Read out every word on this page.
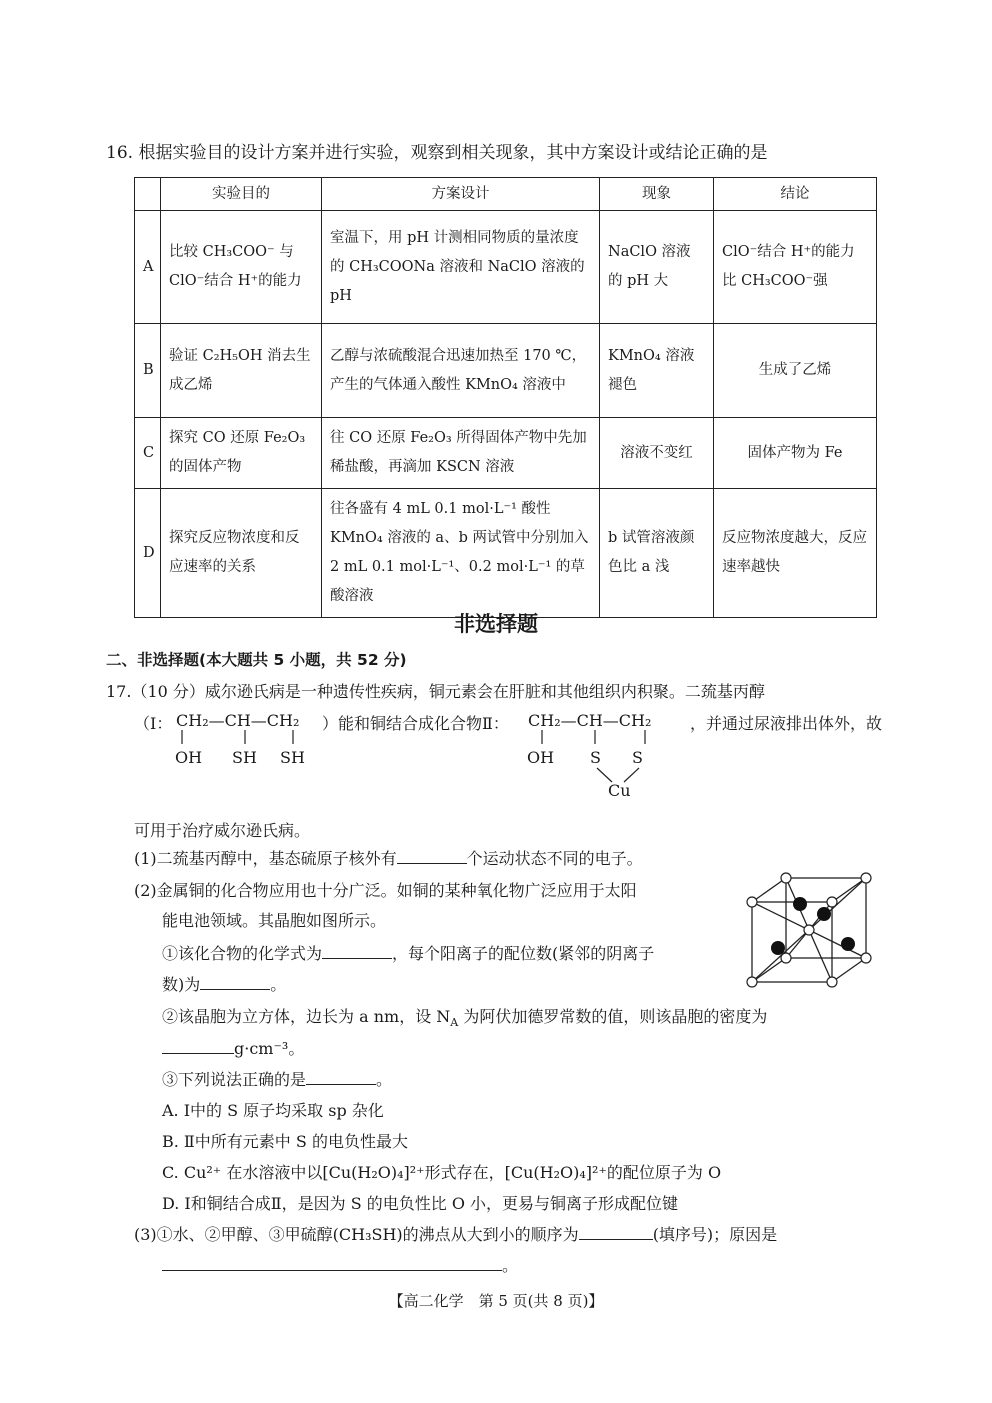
16. 根据实验目的设计方案并进行实验，观察到相关现象，其中方案设计或结论正确的是
	实验目的	方案设计	现象	结论
A	比较 CH₃COO⁻ 与 ClO⁻结合 H⁺的能力	室温下，用 pH 计测相同物质的量浓度的 CH₃COONa 溶液和 NaClO 溶液的 pH	NaClO 溶液的 pH 大	ClO⁻结合 H⁺的能力比 CH₃COO⁻强
B	验证 C₂H₅OH 消去生成乙烯	乙醇与浓硫酸混合迅速加热至 170 ℃，产生的气体通入酸性 KMnO₄ 溶液中	KMnO₄ 溶液褪色	生成了乙烯
C	探究 CO 还原 Fe₂O₃ 的固体产物	往 CO 还原 Fe₂O₃ 所得固体产物中先加稀盐酸，再滴加 KSCN 溶液	溶液不变红	固体产物为 Fe
D	探究反应物浓度和反应速率的关系	往各盛有 4 mL 0.1 mol·L⁻¹ 酸性 KMnO₄ 溶液的 a、b 两试管中分别加入 2 mL 0.1 mol·L⁻¹、0.2 mol·L⁻¹ 的草酸溶液	b 试管溶液颜色比 a 浅	反应物浓度越大，反应速率越快
非选择题
二、非选择题(本大题共 5 小题，共 52 分)
17.（10 分）威尔逊氏病是一种遗传性疾病，铜元素会在肝脏和其他组织内积聚。二巯基丙醇
（Ⅰ： CH₂—CH—CH₂ ）能和铜结合成化合物Ⅱ： CH₂—CH—CH₂ ，并通过尿液排出体外，故
OH SH SH	OH S S
Cu
可用于治疗威尔逊氏病。
(1)二巯基丙醇中，基态硫原子核外有	个运动状态不同的电子。
(2)金属铜的化合物应用也十分广泛。如铜的某种氧化物广泛应用于太阳
能电池领域。其晶胞如图所示。
①该化合物的化学式为	，每个阳离子的配位数(紧邻的阴离子
数)为	。
②该晶胞为立方体，边长为 a nm，设 $N_A$ 为阿伏加德罗常数的值，则该晶胞的密度为
g·cm⁻³。
③下列说法正确的是	。
A. Ⅰ中的 S 原子均采取 sp 杂化
B. Ⅱ中所有元素中 S 的电负性最大
C. Cu²⁺ 在水溶液中以[Cu(H₂O)₄]²⁺形式存在，[Cu(H₂O)₄]²⁺的配位原子为 O
D. Ⅰ和铜结合成Ⅱ，是因为 S 的电负性比 O 小，更易与铜离子形成配位键
(3)①水、②甲醇、③甲硫醇(CH₃SH)的沸点从大到小的顺序为	(填序号)；原因是
。
【高二化学　第 5 页(共 8 页)】
